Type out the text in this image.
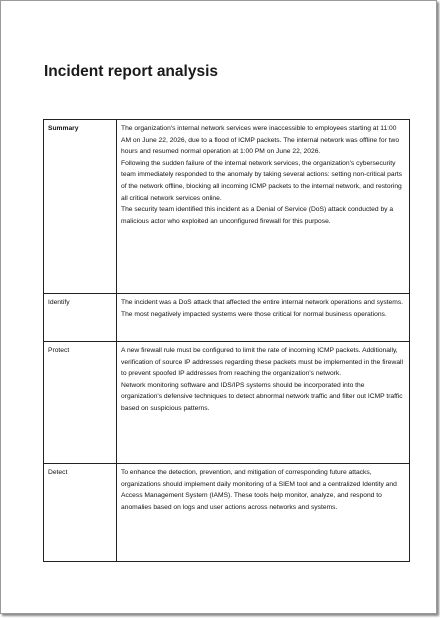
Incident report analysis
Summary	The organization's internal network services were inaccessible to employees starting at 11:00 AM on June 22, 2026, due to a flood of ICMP packets. The internal network was offline for two hours and resumed normal operation at 1:00 PM on June 22, 2026.

Following the sudden failure of the internal network services, the organization's cybersecurity team immediately responded to the anomaly by taking several actions: setting non-critical parts of the network offline, blocking all incoming ICMP packets to the internal network, and restoring all critical network services online.

The security team identified this incident as a Denial of Service (DoS) attack conducted by a malicious actor who exploited an unconfigured firewall for this purpose.

Identify	The incident was a DoS attack that affected the entire internal network operations and systems. The most negatively impacted systems were those critical for normal business operations.

Protect	A new firewall rule must be configured to limit the rate of incoming ICMP packets. Additionally, verification of source IP addresses regarding these packets must be implemented in the firewall to prevent spoofed IP addresses from reaching the organization's network.

Network monitoring software and IDS/IPS systems should be incorporated into the organization's defensive techniques to detect abnormal network traffic and filter out ICMP traffic based on suspicious patterns.

Detect	To enhance the detection, prevention, and mitigation of corresponding future attacks, organizations should implement daily monitoring of a SIEM tool and a centralized Identity and Access Management System (IAMS). These tools help monitor, analyze, and respond to anomalies based on logs and user actions across networks and systems.
